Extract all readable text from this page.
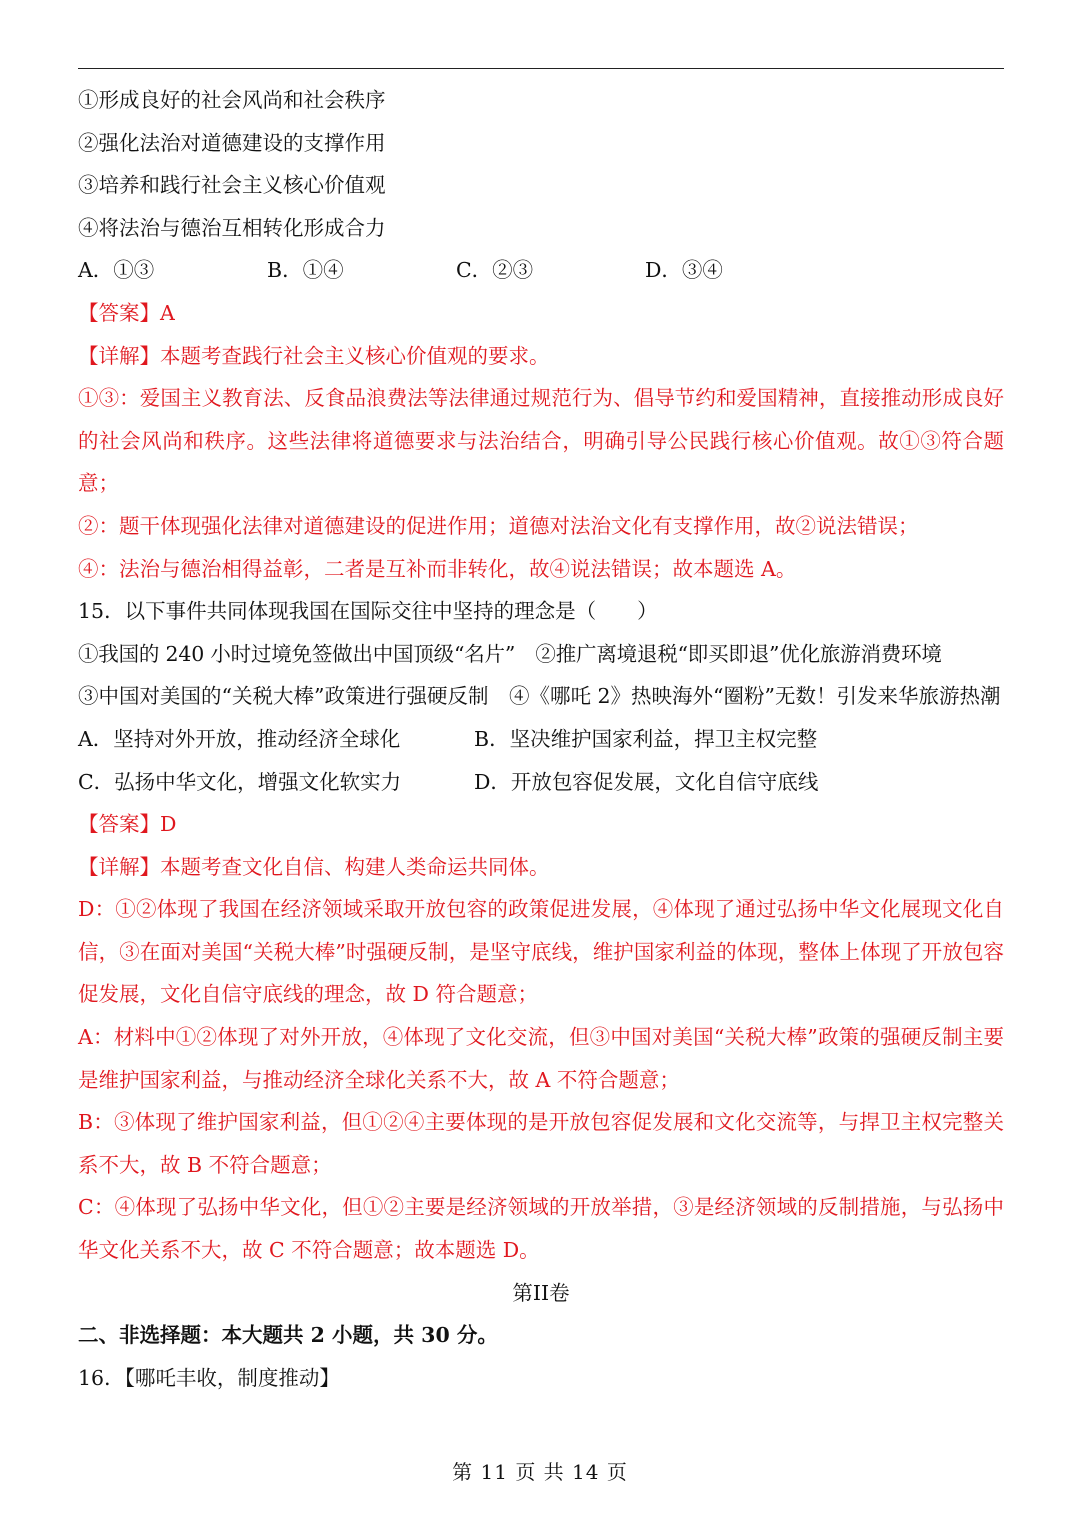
①形成良好的社会风尚和社会秩序
②强化法治对道德建设的支撑作用
③培养和践行社会主义核心价值观
④将法治与德治互相转化形成合力
A．①③	B．①④	C．②③	D．③④
【答案】A
【详解】本题考查践行社会主义核心价值观的要求。
①③：爱国主义教育法、反食品浪费法等法律通过规范行为、倡导节约和爱国精神，直接推动形成良好的社会风尚和秩序。这些法律将道德要求与法治结合，明确引导公民践行核心价值观。故①③符合题意；
②：题干体现强化法律对道德建设的促进作用；道德对法治文化有支撑作用，故②说法错误；
④：法治与德治相得益彰，二者是互补而非转化，故④说法错误；故本题选 A。
15．以下事件共同体现我国在国际交往中坚持的理念是（　　）
①我国的 240 小时过境免签做出中国顶级“名片”　②推广离境退税“即买即退”优化旅游消费环境
③中国对美国的“关税大棒”政策进行强硬反制　④《哪吒 2》热映海外“圈粉”无数！引发来华旅游热潮
A．坚持对外开放，推动经济全球化	B．坚决维护国家利益，捍卫主权完整
C．弘扬中华文化，增强文化软实力	D．开放包容促发展，文化自信守底线
【答案】D
【详解】本题考查文化自信、构建人类命运共同体。
D：①②体现了我国在经济领域采取开放包容的政策促进发展，④体现了通过弘扬中华文化展现文化自信，③在面对美国“关税大棒”时强硬反制，是坚守底线，维护国家利益的体现，整体上体现了开放包容促发展，文化自信守底线的理念，故 D 符合题意；
A：材料中①②体现了对外开放，④体现了文化交流，但③中国对美国“关税大棒”政策的强硬反制主要是维护国家利益，与推动经济全球化关系不大，故 A 不符合题意；
B：③体现了维护国家利益，但①②④主要体现的是开放包容促发展和文化交流等，与捍卫主权完整关系不大，故 B 不符合题意；
C：④体现了弘扬中华文化，但①②主要是经济领域的开放举措，③是经济领域的反制措施，与弘扬中华文化关系不大，故 C 不符合题意；故本题选 D。
第II卷
二、非选择题：本大题共 2 小题，共 30 分。
16．【哪吒丰收，制度推动】
第 11 页 共 14 页
